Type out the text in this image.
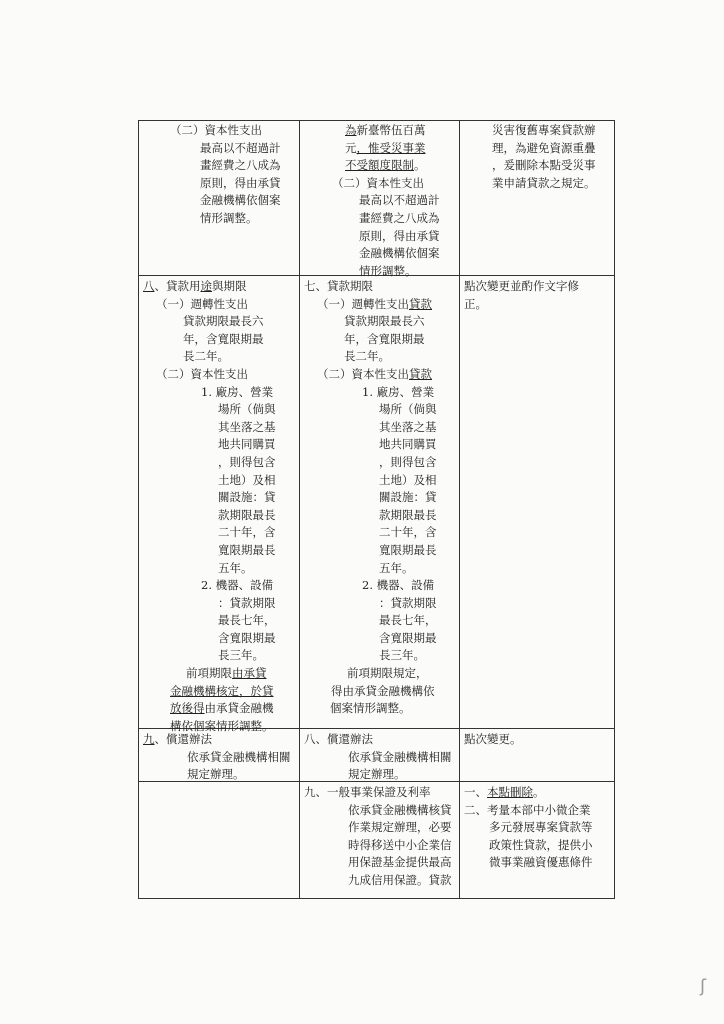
（二）資本性支出
最高以不超過計
畫經費之八成為
原則，得由承貸
金融機構依個案
情形調整。
為新臺幣伍百萬
元，惟受災事業
不受額度限制。
（二）資本性支出
最高以不超過計
畫經費之八成為
原則，得由承貸
金融機構依個案
情形調整。
災害復舊專案貸款辦
理，為避免資源重疊
，爰刪除本點受災事
業申請貸款之規定。
八、貸款用途與期限
（一）週轉性支出
貸款期限最長六
年，含寬限期最
長二年。
（二）資本性支出
1. 廠房、營業
場所（倘與
其坐落之基
地共同購買
，則得包含
土地）及相
關設施：貸
款期限最長
二十年，含
寬限期最長
五年。
2. 機器、設備
：貸款期限
最長七年，
含寬限期最
長三年。
前項期限由承貸
金融機構核定，於貸
放後得由承貸金融機
構依個案情形調整。
七、貸款期限
（一）週轉性支出貸款
貸款期限最長六
年，含寬限期最
長二年。
（二）資本性支出貸款
1. 廠房、營業
場所（倘與
其坐落之基
地共同購買
，則得包含
土地）及相
關設施：貸
款期限最長
二十年，含
寬限期最長
五年。
2. 機器、設備
：貸款期限
最長七年，
含寬限期最
長三年。
前項期限規定，
得由承貸金融機構依
個案情形調整。
點次變更並酌作文字修
正。
九、償還辦法
依承貸金融機構相關
規定辦理。
八、償還辦法
依承貸金融機構相關
規定辦理。
點次變更。
九、一般事業保證及利率
依承貸金融機構核貸
作業規定辦理，必要
時得移送中小企業信
用保證基金提供最高
九成信用保證。貸款
一、本點刪除。
二、考量本部中小微企業
多元發展專案貸款等
政策性貸款，提供小
微事業融資優惠條件
ʃ
